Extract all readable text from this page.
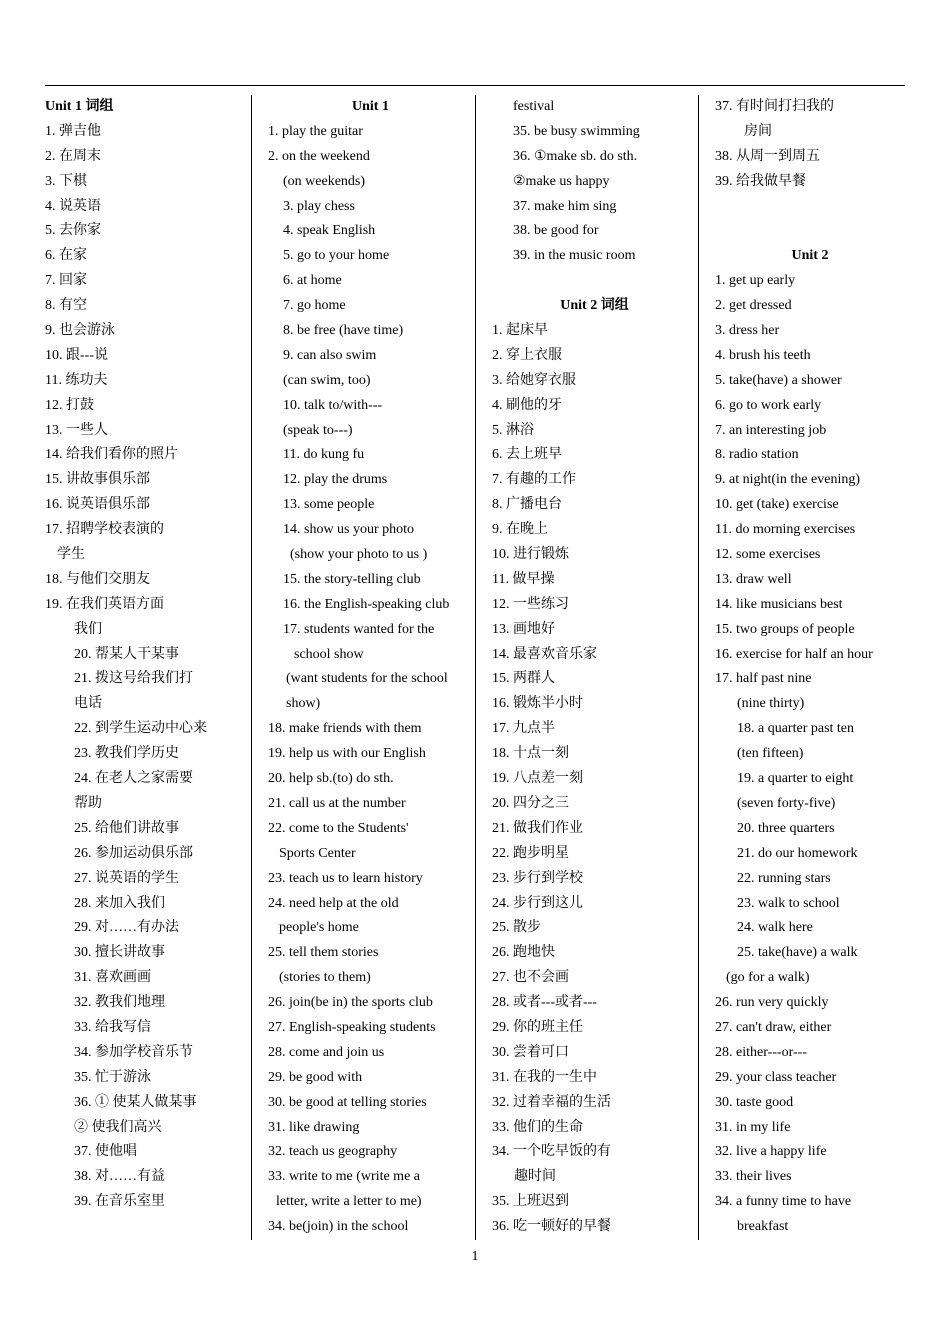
Unit 1 词组
1. 弹吉他
2. 在周末
3. 下棋
4. 说英语
5. 去你家
6. 在家
7. 回家
8. 有空
9. 也会游泳
10. 跟---说
11. 练功夫
12. 打鼓
13. 一些人
14. 给我们看你的照片
15. 讲故事俱乐部
16. 说英语俱乐部
17. 招聘学校表演的
学生
18. 与他们交朋友
19. 在我们英语方面
我们
20. 帮某人干某事
21. 拨这号给我们打
电话
22. 到学生运动中心来
23. 教我们学历史
24. 在老人之家需要
帮助
25. 给他们讲故事
26. 参加运动俱乐部
27. 说英语的学生
28. 来加入我们
29. 对……有办法
30. 擅长讲故事
31. 喜欢画画
32. 教我们地理
33. 给我写信
34. 参加学校音乐节
35. 忙于游泳
36. ① 使某人做某事
② 使我们高兴
37. 使他唱
38. 对……有益
39. 在音乐室里
Unit 1
1. play the guitar
2. on the weekend
(on weekends)
3. play chess
4. speak English
5. go to your home
6. at home
7. go home
8. be free (have time)
9. can also swim
(can swim, too)
10. talk to/with---
(speak to---)
11. do kung fu
12. play the drums
13. some people
14. show us your photo
(show your photo to us )
15. the story-telling club
16. the English-speaking club
17. students wanted for the
school show
(want students for the school
show)
18. make friends with them
19. help us with our English
20. help sb.(to) do sth.
21. call us at the number
22. come to the Students'
Sports Center
23. teach us to learn history
24. need help at the old
people's home
25. tell them stories
(stories to them)
26. join(be in) the sports club
27. English-speaking students
28. come and join us
29. be good with
30. be good at telling stories
31. like drawing
32. teach us geography
33. write to me (write me a
letter, write a letter to me)
34. be(join) in the school
festival
35. be busy swimming
36. ①make sb. do sth.
②make us happy
37. make him sing
38. be good for
39. in the music room
Unit 2 词组
1. 起床早
2. 穿上衣服
3. 给她穿衣服
4. 刷他的牙
5. 淋浴
6. 去上班早
7. 有趣的工作
8. 广播电台
9. 在晚上
10. 进行锻炼
11. 做早操
12. 一些练习
13. 画地好
14. 最喜欢音乐家
15. 两群人
16. 锻炼半小时
17. 九点半
18. 十点一刻
19. 八点差一刻
20. 四分之三
21. 做我们作业
22. 跑步明星
23. 步行到学校
24. 步行到这儿
25. 散步
26. 跑地快
27. 也不会画
28. 或者---或者---
29. 你的班主任
30. 尝着可口
31. 在我的一生中
32. 过着幸福的生活
33. 他们的生命
34. 一个吃早饭的有
趣时间
35. 上班迟到
36. 吃一顿好的早餐
37. 有时间打扫我的
房间
38. 从周一到周五
39. 给我做早餐
Unit 2
1. get up early
2. get dressed
3. dress her
4. brush his teeth
5. take(have) a shower
6. go to work early
7. an interesting job
8. radio station
9. at night(in the evening)
10. get (take) exercise
11. do morning exercises
12. some exercises
13. draw well
14. like musicians best
15. two groups of people
16. exercise for half an hour
17. half past nine
(nine thirty)
18. a quarter past ten
(ten fifteen)
19. a quarter to eight
(seven forty-five)
20. three quarters
21. do our homework
22. running stars
23. walk to school
24. walk here
25. take(have) a walk
(go for a walk)
26. run very quickly
27. can't draw, either
28. either---or---
29. your class teacher
30. taste good
31. in my life
32. live a happy life
33. their lives
34. a funny time to have
breakfast
1
